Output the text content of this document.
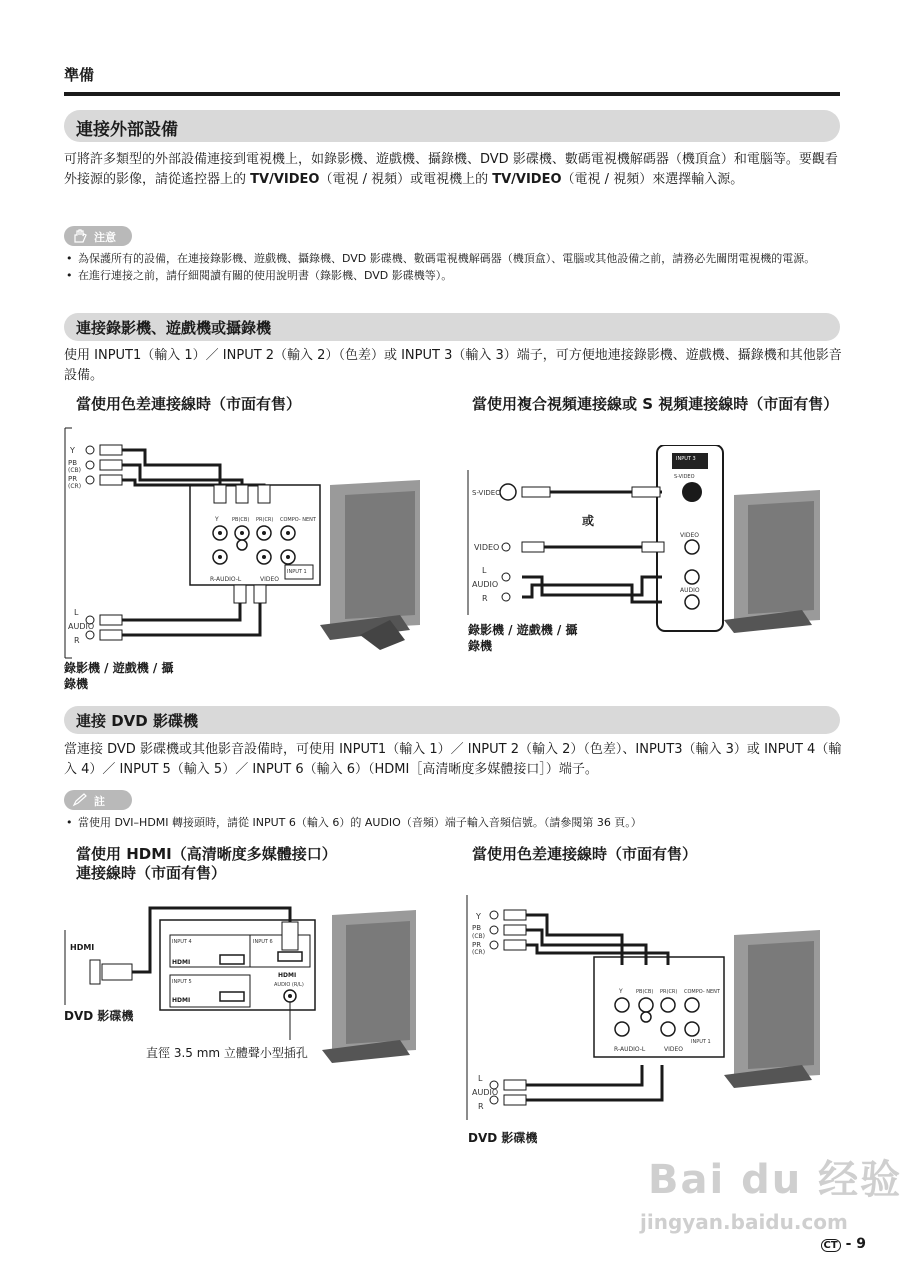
準備
連接外部設備
可將許多類型的外部設備連接到電視機上，如錄影機、遊戲機、攝錄機、DVD 影碟機、數碼電視機解碼器（機頂盒）和電腦等。要觀看外接源的影像，請從遙控器上的 TV/VIDEO（電視 / 視頻）或電視機上的 TV/VIDEO（電視 / 視頻）來選擇輸入源。
注意
• 為保護所有的設備，在連接錄影機、遊戲機、攝錄機、DVD 影碟機、數碼電視機解碼器（機頂盒）、電腦或其他設備之前，請務必先關閉電視機的電源。
• 在進行連接之前，請仔細閱讀有關的使用說明書（錄影機、DVD 影碟機等）。
連接錄影機、遊戲機或攝錄機
使用 INPUT1（輸入 1）／ INPUT 2（輸入 2）（色差）或 INPUT 3（輸入 3）端子，可方便地連接錄影機、遊戲機、攝錄機和其他影音設備。
當使用色差連接線時（市面有售）	當使用複合視頻連接線或 S 視頻連接線時（市面有售）
Y
PB
(CB)
PR
(CR)
L
AUDIO
R
Y	PB(CB) PR(CR) COMPO- NENT
R-AUDIO-L	VIDEO
INPUT 1
錄影機 / 遊戲機 / 攝錄機
S-VIDEO
或
VIDEO
L
AUDIO
R
INPUT 3
S-VIDEO
VIDEO
AUDIO
錄影機 / 遊戲機 / 攝錄機
連接 DVD 影碟機
當連接 DVD 影碟機或其他影音設備時，可使用 INPUT1（輸入 1）／ INPUT 2（輸入 2）（色差）、INPUT3（輸入 3）或 INPUT 4（輸入 4）／ INPUT 5（輸入 5）／ INPUT 6（輸入 6）（HDMI［高清晰度多媒體接口］）端子。
註
• 當使用 DVI–HDMI 轉接頭時，請從 INPUT 6（輸入 6）的 AUDIO（音頻）端子輸入音頻信號。（請參閱第 36 頁。）
當使用 HDMI（高清晰度多媒體接口）
連接線時（市面有售）
當使用色差連接線時（市面有售）
HDMI
INPUT 4
HDMI
INPUT 5
HDMI
INPUT 6
HDMI
AUDIO (R/L)
DVD 影碟機
直徑 3.5 mm 立體聲小型插孔
Y
PB
(CB)
PR
(CR)
L
AUDIO
R
Y	PB(CB) PR(CR) COMPO- NENT
R-AUDIO-L	VIDEO
INPUT 1
DVD 影碟機
Bai du 经验
jingyan.baidu.com
CT - 9
